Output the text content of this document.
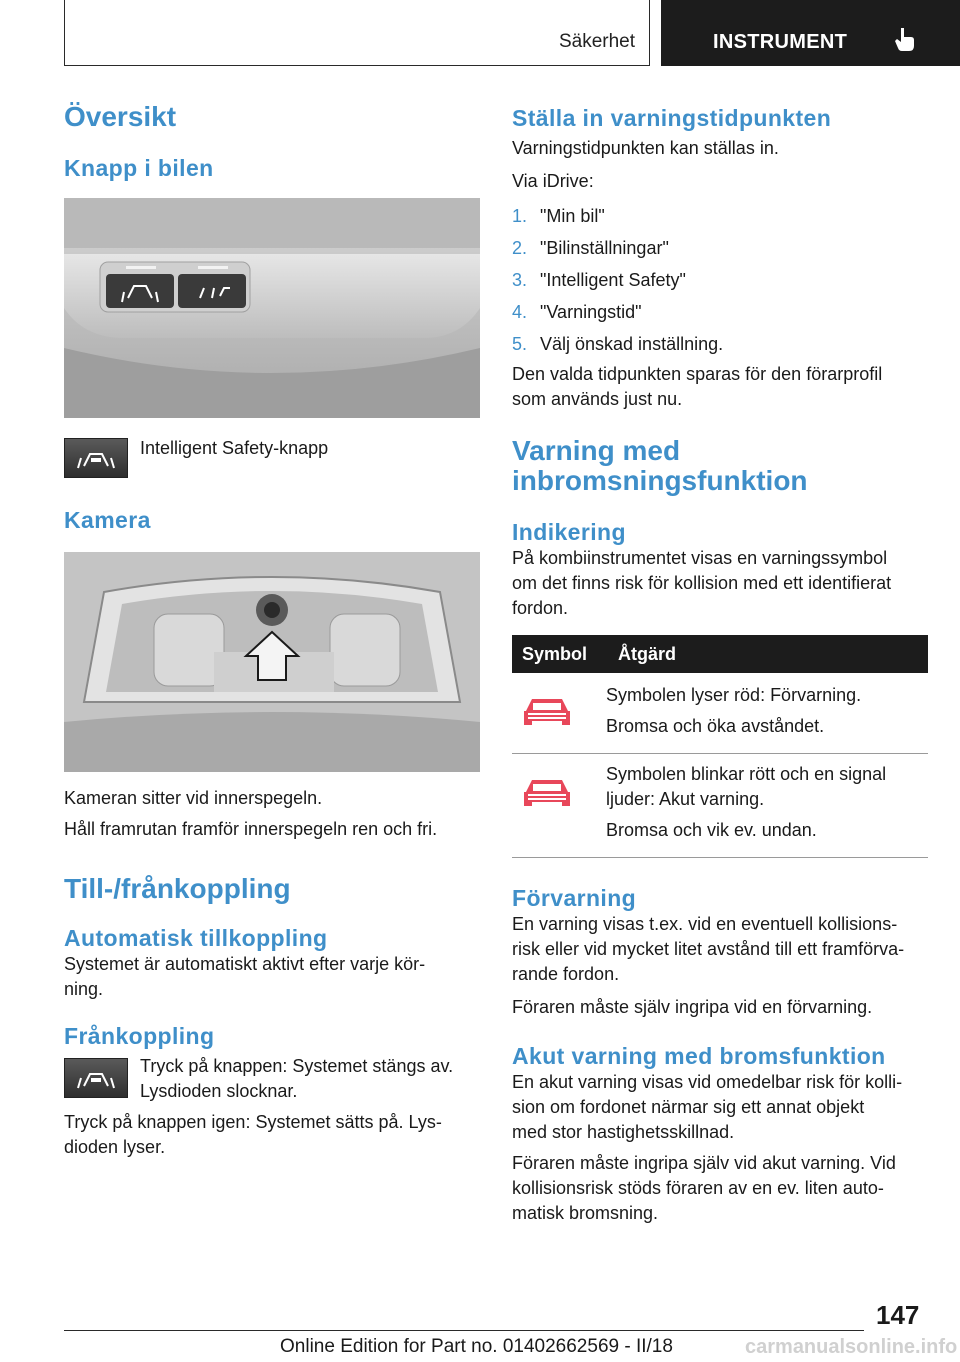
Säkerhet	INSTRUMENT
Översikt
Knapp i bilen

Intelligent Safety-knapp

Kamera

Kameran sitter vid innerspegeln.

Håll framrutan framför innerspegeln ren och fri.

Till-/frånkoppling
Automatisk tillkoppling

Systemet är automatiskt aktivt efter varje kör-

ning.

Frånkoppling

Tryck på knappen: Systemet stängs av.

Lysdioden slocknar.

Tryck på knappen igen: Systemet sätts på. Lys-

dioden lyser.

Ställa in varningstidpunkten

Varningstidpunkten kan ställas in.

Via iDrive:

1. "Min bil"
2. "Bilinställningar"
3. "Intelligent Safety"
4. "Varningstid"
5. Välj önskad inställning.

Den valda tidpunkten sparas för den förarprofil

som används just nu.

Varning med
inbromsningsfunktion
Indikering

På kombiinstrumentet visas en varningssymbol

om det finns risk för kollision med ett identifierat

fordon.

Symbol	Åtgärd

Symbolen lyser röd: Förvarning.

Bromsa och öka avståndet.

Symbolen blinkar rött och en signal

ljuder: Akut varning.

Bromsa och vik ev. undan.

Förvarning

En varning visas t.ex. vid en eventuell kollisions-

risk eller vid mycket litet avstånd till ett framförva-

rande fordon.

Föraren måste själv ingripa vid en förvarning.

Akut varning med bromsfunktion

En akut varning visas vid omedelbar risk för kolli-

sion om fordonet närmar sig ett annat objekt

med stor hastighetsskillnad.

Föraren måste ingripa själv vid akut varning. Vid

kollisionsrisk stöds föraren av en ev. liten auto-

matisk bromsning.

147
Online Edition for Part no. 01402662569 - II/18	carmanualsonline.info
